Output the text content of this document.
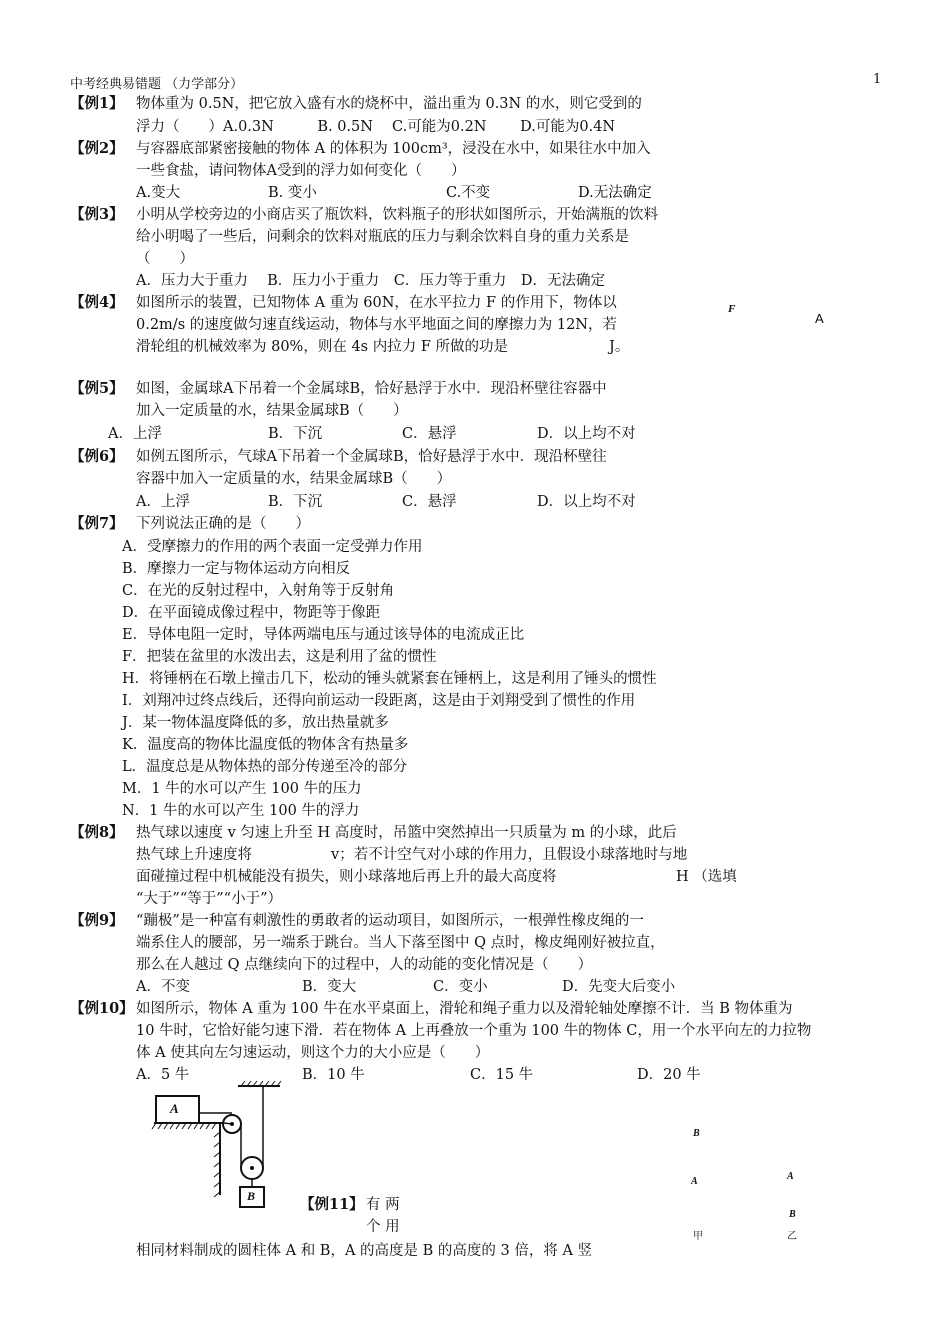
中考经典易错题 （力学部分）	1
【例1】 物体重为 0.5N，把它放入盛有水的烧杯中，溢出重为 0.3N 的水，则它受到的
浮力（　　）A.0.3N　　　B. 0.5N　 C.可能为0.2N　　 D.可能为0.4N
【例2】 与容器底部紧密接触的物体 A 的体积为 100cm³，浸没在水中，如果往水中加入
一些食盐，请问物体A受到的浮力如何变化（　　）
A.变大	B. 变小	C.不变	D.无法确定
【例3】 小明从学校旁边的小商店买了瓶饮料，饮料瓶子的形状如图所示，开始满瓶的饮料
给小明喝了一些后，问剩余的饮料对瓶底的压力与剩余饮料自身的重力关系是
（　　）
A．压力大于重力　 B．压力小于重力　C．压力等于重力　D．无法确定
【例4】 如图所示的装置，已知物体 A 重为 60N，在水平拉力 F 的作用下，物体以
0.2m/s 的速度做匀速直线运动，物体与水平地面之间的摩擦力为 12N，若
滑轮组的机械效率为 80%，则在 4s 内拉力 F 所做的功是	J。
F
A
【例5】 如图，金属球A下吊着一个金属球B，恰好悬浮于水中．现沿杯壁往容器中
加入一定质量的水，结果金属球B（　　）
A．上浮	B．下沉	C．悬浮	D．以上均不对
【例6】 如例五图所示，气球A下吊着一个金属球B，恰好悬浮于水中．现沿杯壁往
容器中加入一定质量的水，结果金属球B（　　）
A．上浮	B．下沉	C．悬浮	D．以上均不对
【例7】 下列说法正确的是（　　）
A．受摩擦力的作用的两个表面一定受弹力作用
B．摩擦力一定与物体运动方向相反
C．在光的反射过程中，入射角等于反射角
D．在平面镜成像过程中，物距等于像距
E．导体电阻一定时，导体两端电压与通过该导体的电流成正比
F．把装在盆里的水泼出去，这是利用了盆的惯性
H．将锤柄在石墩上撞击几下，松动的锤头就紧套在锤柄上，这是利用了锤头的惯性
I．刘翔冲过终点线后，还得向前运动一段距离，这是由于刘翔受到了惯性的作用
J．某一物体温度降低的多，放出热量就多
K．温度高的物体比温度低的物体含有热量多
L．温度总是从物体热的部分传递至冷的部分
M．1 牛的水可以产生 100 牛的压力
N．1 牛的水可以产生 100 牛的浮力
【例8】 热气球以速度 v 匀速上升至 H 高度时，吊篮中突然掉出一只质量为 m 的小球，此后
热气球上升速度将	v；若不计空气对小球的作用力，且假设小球落地时与地
面碰撞过程中机械能没有损失，则小球落地后再上升的最大高度将	H （选填
“大于”“等于”“小于”）
【例9】 “蹦极”是一种富有刺激性的勇敢者的运动项目，如图所示，一根弹性橡皮绳的一
端系住人的腰部，另一端系于跳台。当人下落至图中 Q 点时，橡皮绳刚好被拉直，
那么在人越过 Q 点继续向下的过程中，人的动能的变化情况是（　　）
A．不变	B．变大	C．变小	D．先变大后变小
【例10】 如图所示，物体 A 重为 100 牛在水平桌面上，滑轮和绳子重力以及滑轮轴处摩擦不计．当 B 物体重为
10 牛时，它恰好能匀速下滑．若在物体 A 上再叠放一个重为 100 牛的物体 C，用一个水平向左的力拉物
体 A 使其向左匀速运动，则这个力的大小应是（　　）
A．5 牛	B．10 牛	C．15 牛	D．20 牛
A
B	【例11】 有 两
个 用
相同材料制成的圆柱体 A 和 B，A 的高度是 B 的高度的 3 倍，将 A 竖
B
A	A
B
甲	乙
